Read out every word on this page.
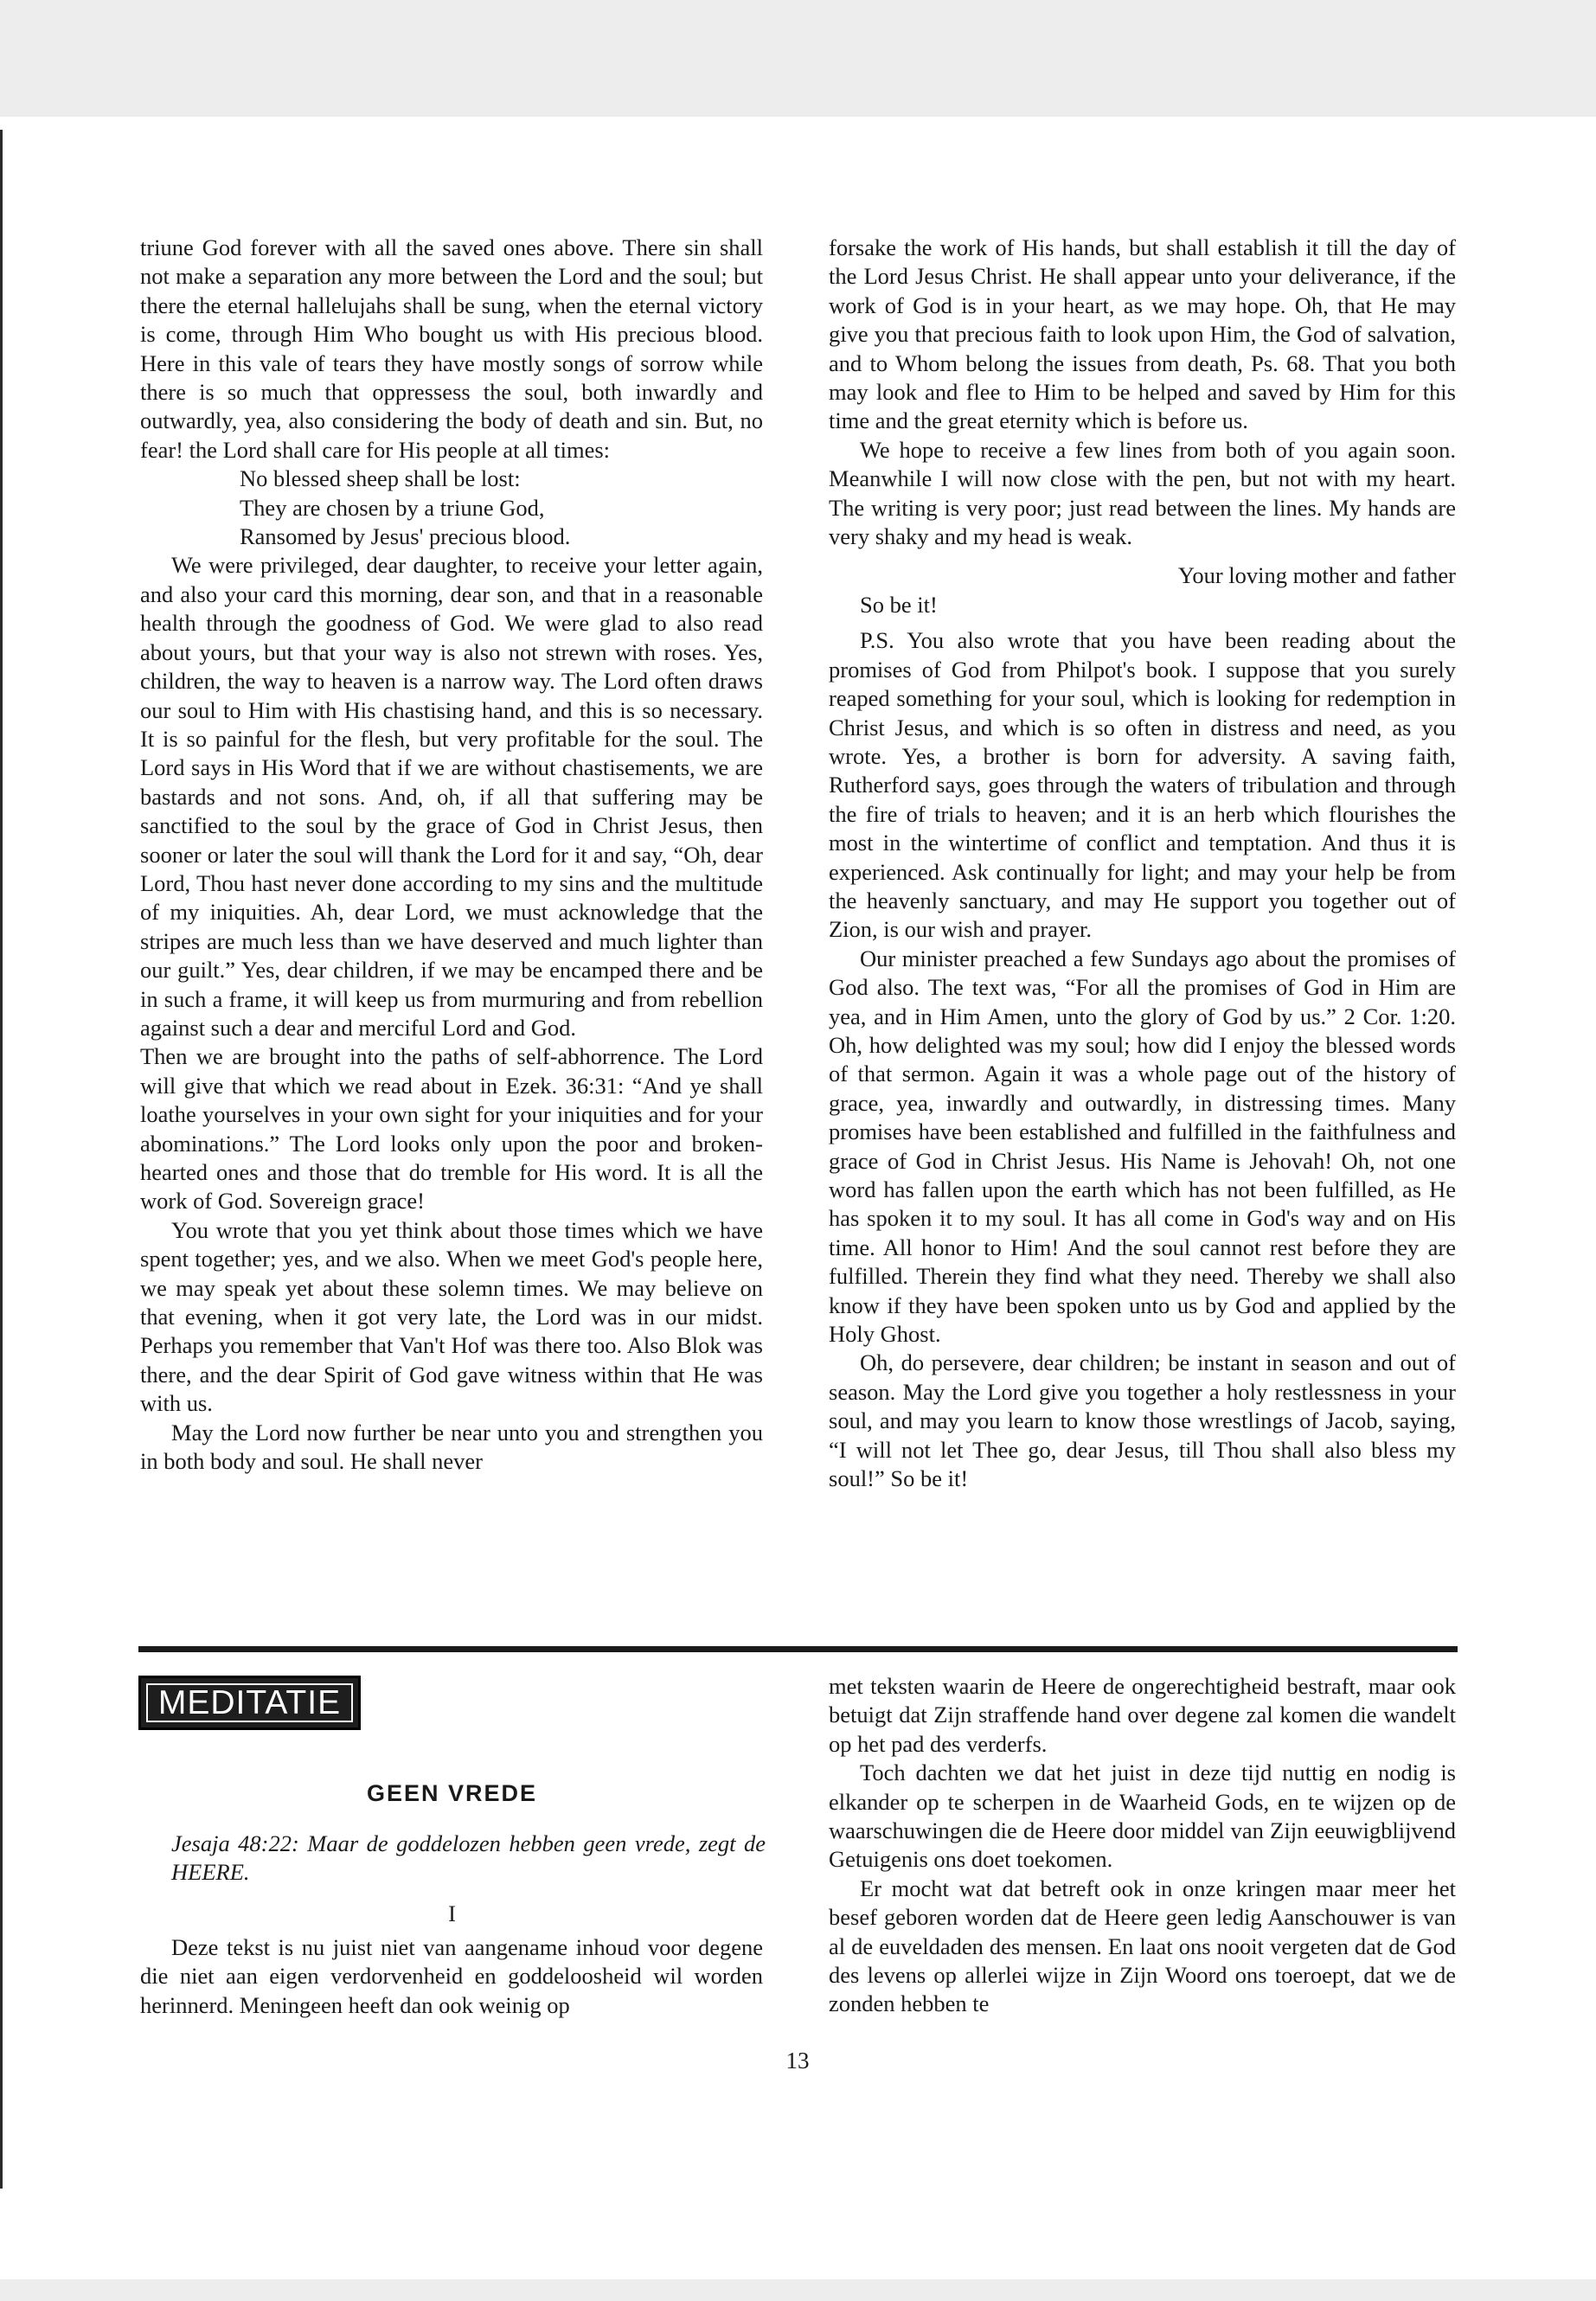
triune God forever with all the saved ones above. There sin shall not make a separation any more between the Lord and the soul; but there the eternal hallelujahs shall be sung, when the eternal victory is come, through Him Who bought us with His precious blood. Here in this vale of tears they have mostly songs of sorrow while there is so much that oppressess the soul, both inwardly and outwardly, yea, also considering the body of death and sin. But, no fear! the Lord shall care for His people at all times:

No blessed sheep shall be lost:

They are chosen by a triune God,

Ransomed by Jesus' precious blood.

We were privileged, dear daughter, to receive your letter again, and also your card this morning, dear son, and that in a reasonable health through the goodness of God. We were glad to also read about yours, but that your way is also not strewn with roses. Yes, children, the way to heaven is a narrow way. The Lord often draws our soul to Him with His chastising hand, and this is so necessary. It is so painful for the flesh, but very profitable for the soul. The Lord says in His Word that if we are without chastisements, we are bastards and not sons. And, oh, if all that suffering may be sanctified to the soul by the grace of God in Christ Jesus, then sooner or later the soul will thank the Lord for it and say, “Oh, dear Lord, Thou hast never done according to my sins and the multitude of my iniquities. Ah, dear Lord, we must acknowledge that the stripes are much less than we have deserved and much lighter than our guilt.” Yes, dear children, if we may be encamped there and be in such a frame, it will keep us from murmuring and from rebellion against such a dear and merciful Lord and God.

Then we are brought into the paths of self-abhorrence. The Lord will give that which we read about in Ezek. 36:31: “And ye shall loathe yourselves in your own sight for your iniquities and for your abominations.” The Lord looks only upon the poor and broken-hearted ones and those that do tremble for His word. It is all the work of God. Sovereign grace!

You wrote that you yet think about those times which we have spent together; yes, and we also. When we meet God's people here, we may speak yet about these solemn times. We may believe on that evening, when it got very late, the Lord was in our midst. Perhaps you remember that Van't Hof was there too. Also Blok was there, and the dear Spirit of God gave witness within that He was with us.

May the Lord now further be near unto you and strengthen you in both body and soul. He shall never

forsake the work of His hands, but shall establish it till the day of the Lord Jesus Christ. He shall appear unto your deliverance, if the work of God is in your heart, as we may hope. Oh, that He may give you that precious faith to look upon Him, the God of salvation, and to Whom belong the issues from death, Ps. 68. That you both may look and flee to Him to be helped and saved by Him for this time and the great eternity which is before us.

We hope to receive a few lines from both of you again soon. Meanwhile I will now close with the pen, but not with my heart. The writing is very poor; just read between the lines. My hands are very shaky and my head is weak.

Your loving mother and father

So be it!

P.S. You also wrote that you have been reading about the promises of God from Philpot's book. I suppose that you surely reaped something for your soul, which is looking for redemption in Christ Jesus, and which is so often in distress and need, as you wrote. Yes, a brother is born for adversity. A saving faith, Rutherford says, goes through the waters of tribulation and through the fire of trials to heaven; and it is an herb which flourishes the most in the wintertime of conflict and temptation. And thus it is experienced. Ask continually for light; and may your help be from the heavenly sanctuary, and may He support you together out of Zion, is our wish and prayer.

Our minister preached a few Sundays ago about the promises of God also. The text was, “For all the promises of God in Him are yea, and in Him Amen, unto the glory of God by us.” 2 Cor. 1:20. Oh, how delighted was my soul; how did I enjoy the blessed words of that sermon. Again it was a whole page out of the history of grace, yea, inwardly and outwardly, in distressing times. Many promises have been established and fulfilled in the faithfulness and grace of God in Christ Jesus. His Name is Jehovah! Oh, not one word has fallen upon the earth which has not been fulfilled, as He has spoken it to my soul. It has all come in God's way and on His time. All honor to Him! And the soul cannot rest before they are fulfilled. Therein they find what they need. Thereby we shall also know if they have been spoken unto us by God and applied by the Holy Ghost.

Oh, do persevere, dear children; be instant in season and out of season. May the Lord give you together a holy restlessness in your soul, and may you learn to know those wrestlings of Jacob, saying, “I will not let Thee go, dear Jesus, till Thou shall also bless my soul!” So be it!

MEDITATIE
GEEN VREDE
Jesaja 48:22: Maar de goddelozen hebben geen vrede, zegt de HEERE.
I

Deze tekst is nu juist niet van aangename inhoud voor degene die niet aan eigen verdorvenheid en goddeloosheid wil worden herinnerd. Meningeen heeft dan ook weinig op

met teksten waarin de Heere de ongerechtigheid bestraft, maar ook betuigt dat Zijn straffende hand over degene zal komen die wandelt op het pad des verderfs.

Toch dachten we dat het juist in deze tijd nuttig en nodig is elkander op te scherpen in de Waarheid Gods, en te wijzen op de waarschuwingen die de Heere door middel van Zijn eeuwigblijvend Getuigenis ons doet toekomen.

Er mocht wat dat betreft ook in onze kringen maar meer het besef geboren worden dat de Heere geen ledig Aanschouwer is van al de euveldaden des mensen. En laat ons nooit vergeten dat de God des levens op allerlei wijze in Zijn Woord ons toeroept, dat we de zonden hebben te

13
